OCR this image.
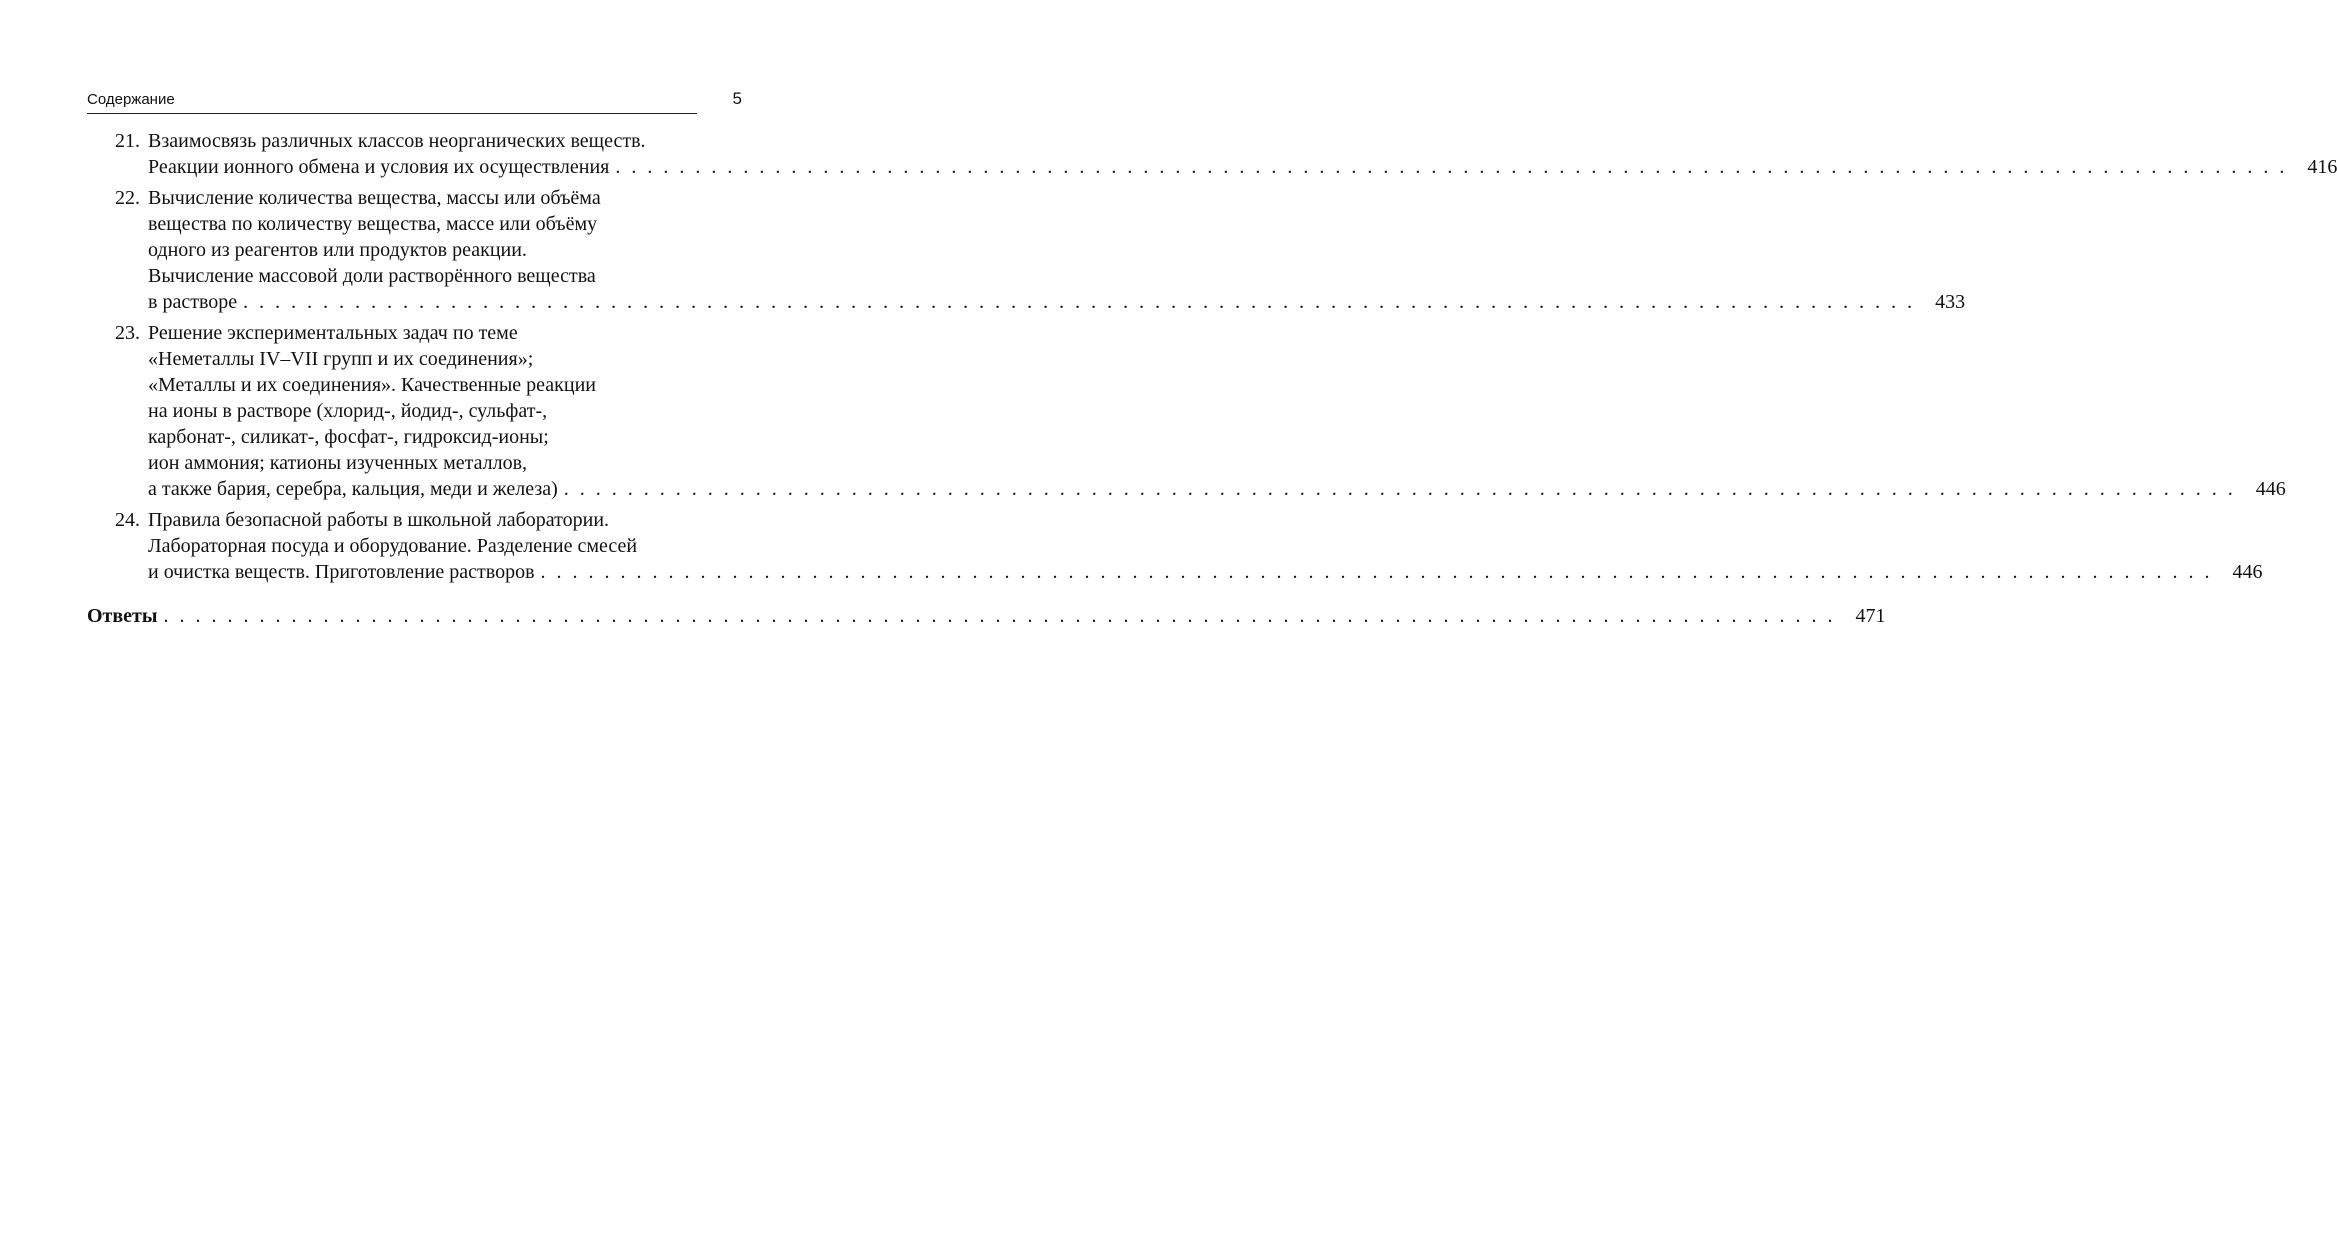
Содержание	5
21. Взаимосвязь различных классов неорганических веществ.
Реакции ионного обмена и условия их осуществления . . . . . . . . . . . . . . . . . . . . . . . . . . . . . . . . . . . . . . . . . . . . . . . . . . . . . . . . . . . . . . . . . . . . . . . . . . . . . . . . . . . . . . . . . . . . . . . . . . . . . . . . .	416
22. Вычисление количества вещества, массы или объёма
вещества по количеству вещества, массе или объёму
одного из реагентов или продуктов реакции.
Вычисление массовой доли растворённого вещества
в растворе . . . . . . . . . . . . . . . . . . . . . . . . . . . . . . . . . . . . . . . . . . . . . . . . . . . . . . . . . . . . . . . . . . . . . . . . . . . . . . . . . . . . . . . . . . . . . . . . . . . . . . . . .	433
23. Решение экспериментальных задач по теме
«Неметаллы IV–VII групп и их соединения»;
«Металлы и их соединения». Качественные реакции
на ионы в растворе (хлорид-, йодид-, сульфат-,
карбонат-, силикат-, фосфат-, гидроксид-ионы;
ион аммония; катионы изученных металлов,
а также бария, серебра, кальция, меди и железа) . . . . . . . . . . . . . . . . . . . . . . . . . . . . . . . . . . . . . . . . . . . . . . . . . . . . . . . . . . . . . . . . . . . . . . . . . . . . . . . . . . . . . . . . . . . . . . . . . . . . . . . . .	446
24. Правила безопасной работы в школьной лаборатории.
Лабораторная посуда и оборудование. Разделение смесей
и очистка веществ. Приготовление растворов . . . . . . . . . . . . . . . . . . . . . . . . . . . . . . . . . . . . . . . . . . . . . . . . . . . . . . . . . . . . . . . . . . . . . . . . . . . . . . . . . . . . . . . . . . . . . . . . . . . . . . . . .	446
Ответы . . . . . . . . . . . . . . . . . . . . . . . . . . . . . . . . . . . . . . . . . . . . . . . . . . . . . . . . . . . . . . . . . . . . . . . . . . . . . . . . . . . . . . . . . . . . . . . . . . . . . . . . .	471
